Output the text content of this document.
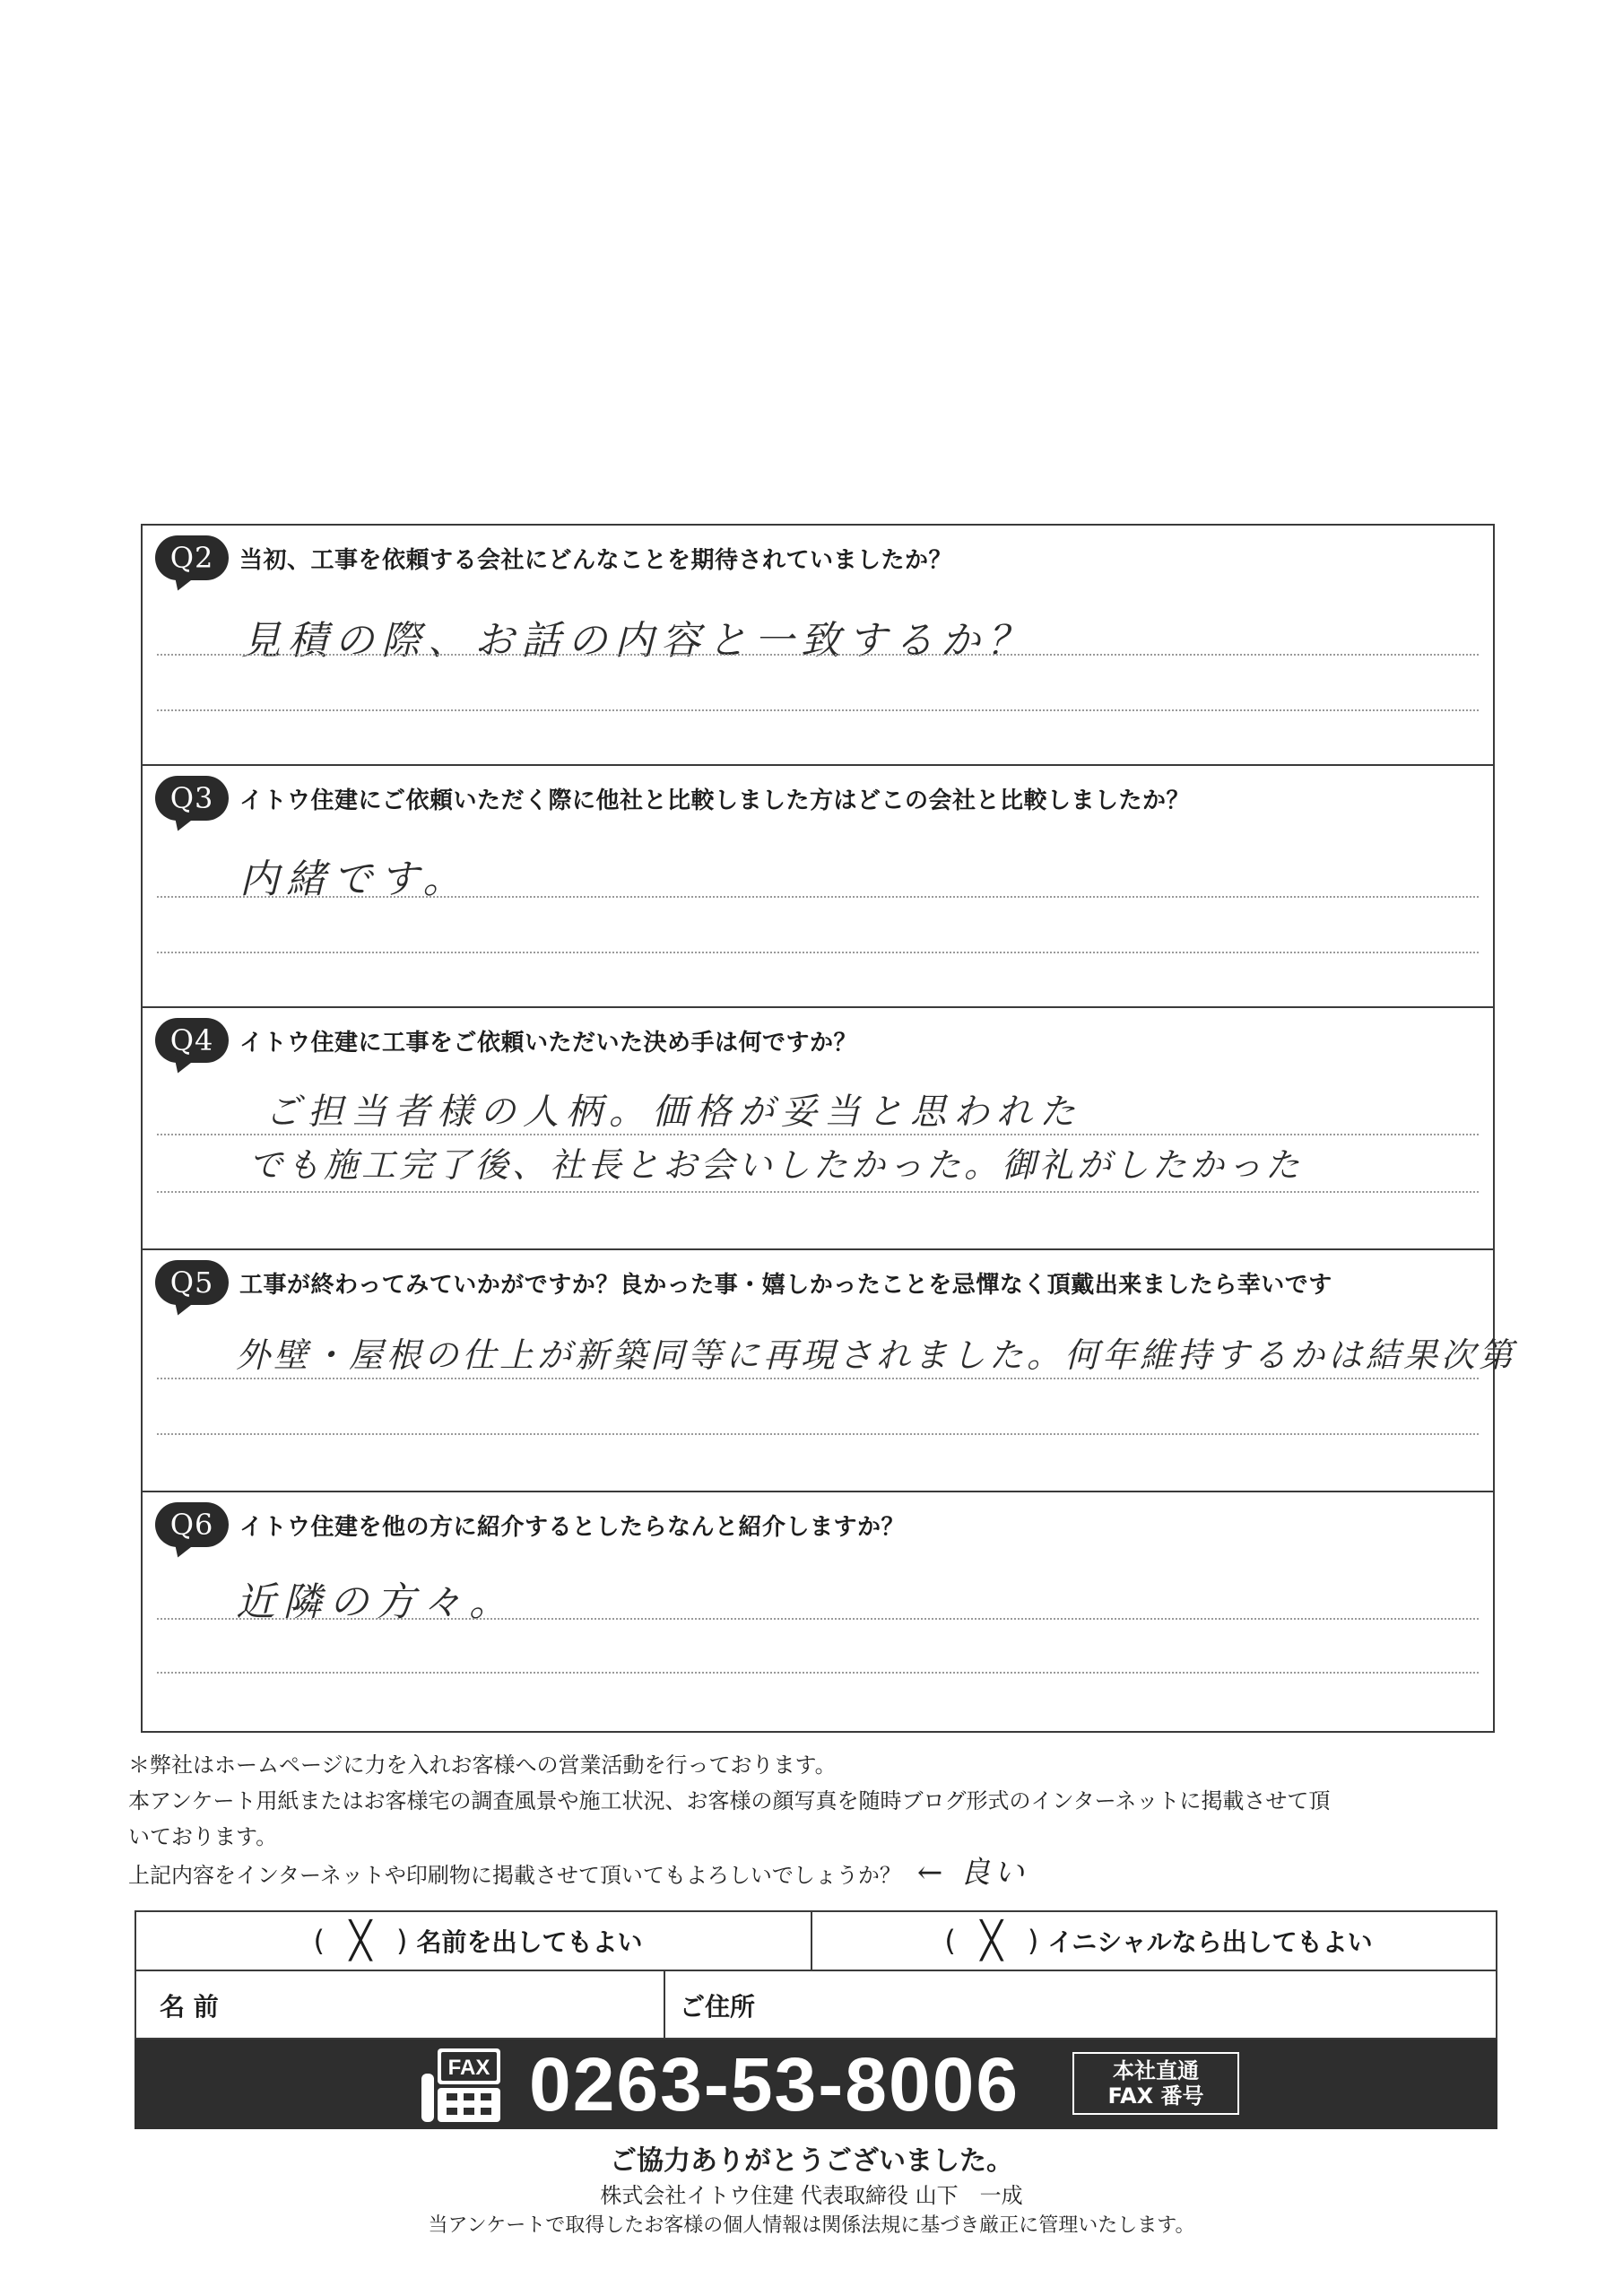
Q2	当初、工事を依頼する会社にどんなことを期待されていましたか？
見積の際、お話の内容と一致するか？
Q3	イトウ住建にご依頼いただく際に他社と比較しました方はどこの会社と比較しましたか？
内緒です。
Q4	イトウ住建に工事をご依頼いただいた決め手は何ですか？
ご担当者様の人柄。価格が妥当と思われた
でも施工完了後、社長とお会いしたかった。御礼がしたかった
Q5	工事が終わってみていかがですか？良かった事・嬉しかったことを忌憚なく頂戴出来ましたら幸いです
外壁・屋根の仕上が新築同等に再現されました。何年維持するかは結果次第
Q6	イトウ住建を他の方に紹介するとしたらなんと紹介しますか？
近隣の方々。

＊弊社はホームページに力を入れお客様への営業活動を行っております。

本アンケート用紙またはお客様宅の調査風景や施工状況、お客様の顔写真を随時ブログ形式のインターネットに掲載させて頂

いております。

上記内容をインターネットや印刷物に掲載させて頂いてもよろしいでしょうか？ ← 良い

( ╳ ) 名前を出してもよい	( ╳ ) イニシャルなら出してもよい
名 前	ご住所
FAX 0263-53-8006	本社直通
FAX 番号
ご協力ありがとうございました。
株式会社イトウ住建 代表取締役 山下　一成
当アンケートで取得したお客様の個人情報は関係法規に基づき厳正に管理いたします。
